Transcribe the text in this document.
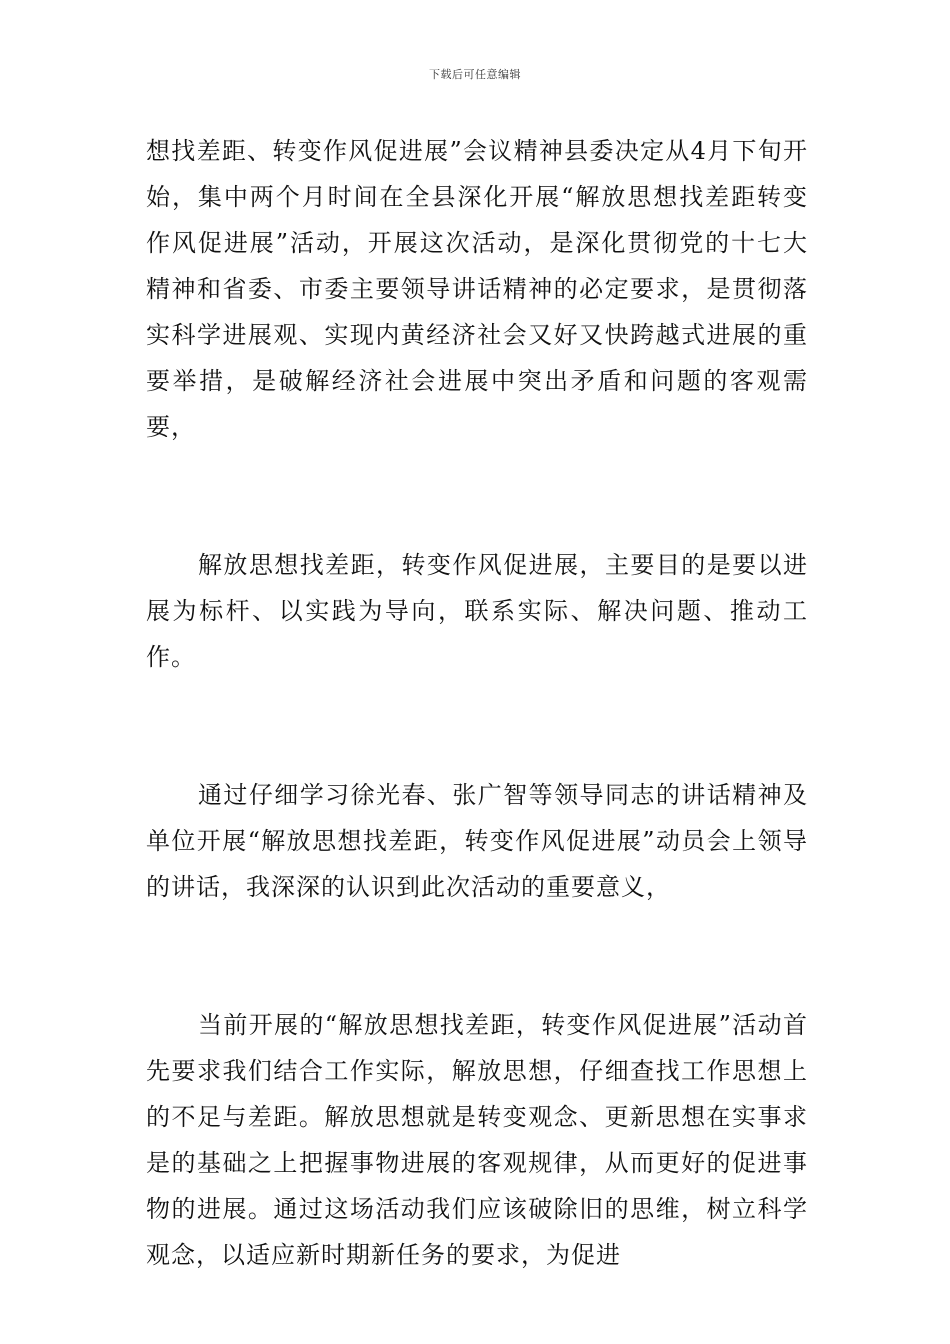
下载后可任意编辑

想找差距、转变作风促进展”会议精神县委决定从4月下旬开始，集中两个月时间在全县深化开展“解放思想找差距转变作风促进展”活动，开展这次活动，是深化贯彻党的十七大精神和省委、市委主要领导讲话精神的必定要求，是贯彻落实科学进展观、实现内黄经济社会又好又快跨越式进展的重要举措，是破解经济社会进展中突出矛盾和问题的客观需要，

解放思想找差距，转变作风促进展，主要目的是要以进展为标杆、以实践为导向，联系实际、解决问题、推动工作。

通过仔细学习徐光春、张广智等领导同志的讲话精神及单位开展“解放思想找差距，转变作风促进展”动员会上领导的讲话，我深深的认识到此次活动的重要意义，

当前开展的“解放思想找差距，转变作风促进展”活动首先要求我们结合工作实际，解放思想，仔细查找工作思想上的不足与差距。解放思想就是转变观念、更新思想在实事求是的基础之上把握事物进展的客观规律，从而更好的促进事物的进展。通过这场活动我们应该破除旧的思维，树立科学观念，以适应新时期新任务的要求，为促进
